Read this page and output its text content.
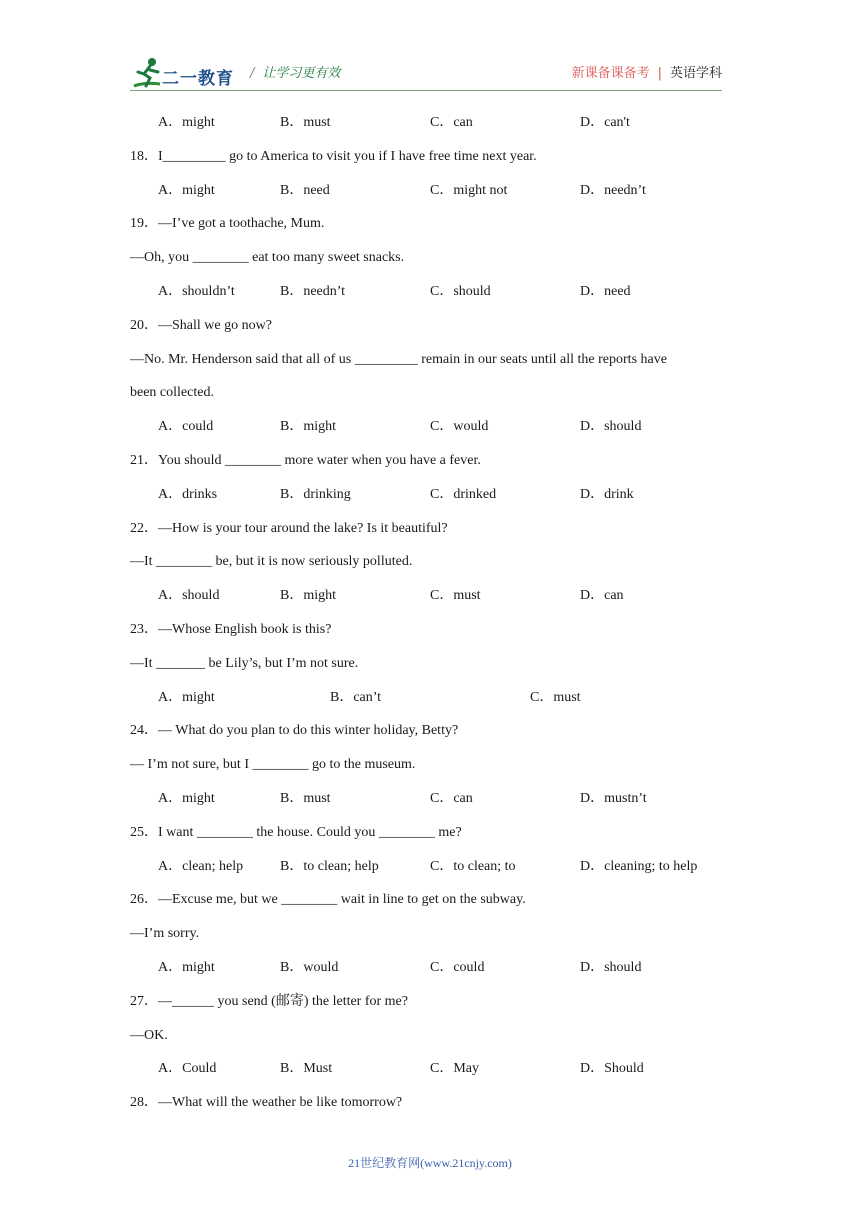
二一教育 / 让学习更有效	新课备课备考 | 英语学科
A．might	B．must	C．can	D．can't
18．I_________ go to America to visit you if I have free time next year.
A．might	B．need	C．might not	D．needn’t
19．—I’ve got a toothache, Mum.
—Oh, you ________ eat too many sweet snacks.
A．shouldn’t	B．needn’t	C．should	D．need
20．—Shall we go now?
—No. Mr. Henderson said that all of us _________ remain in our seats until all the reports have
been collected.
A．could	B．might	C．would	D．should
21．You should ________ more water when you have a fever.
A．drinks	B．drinking	C．drinked	D．drink
22．—How is your tour around the lake? Is it beautiful?
—It ________ be, but it is now seriously polluted.
A．should	B．might	C．must	D．can
23．—Whose English book is this?
—It _______ be Lily’s, but I’m not sure.
A．might	B．can’t	C．must
24．— What do you plan to do this winter holiday, Betty?
— I’m not sure, but I ________ go to the museum.
A．might	B．must	C．can	D．mustn’t
25．I want ________ the house. Could you ________ me?
A．clean; help	B．to clean; help	C．to clean; to	D．cleaning; to help
26．—Excuse me, but we ________ wait in line to get on the subway.
—I’m sorry.
A．might	B．would	C．could	D．should
27．—______ you send (邮寄) the letter for me?
—OK.
A．Could	B．Must	C．May	D．Should
28．—What will the weather be like tomorrow?
21世纪教育网(www.21cnjy.com)
